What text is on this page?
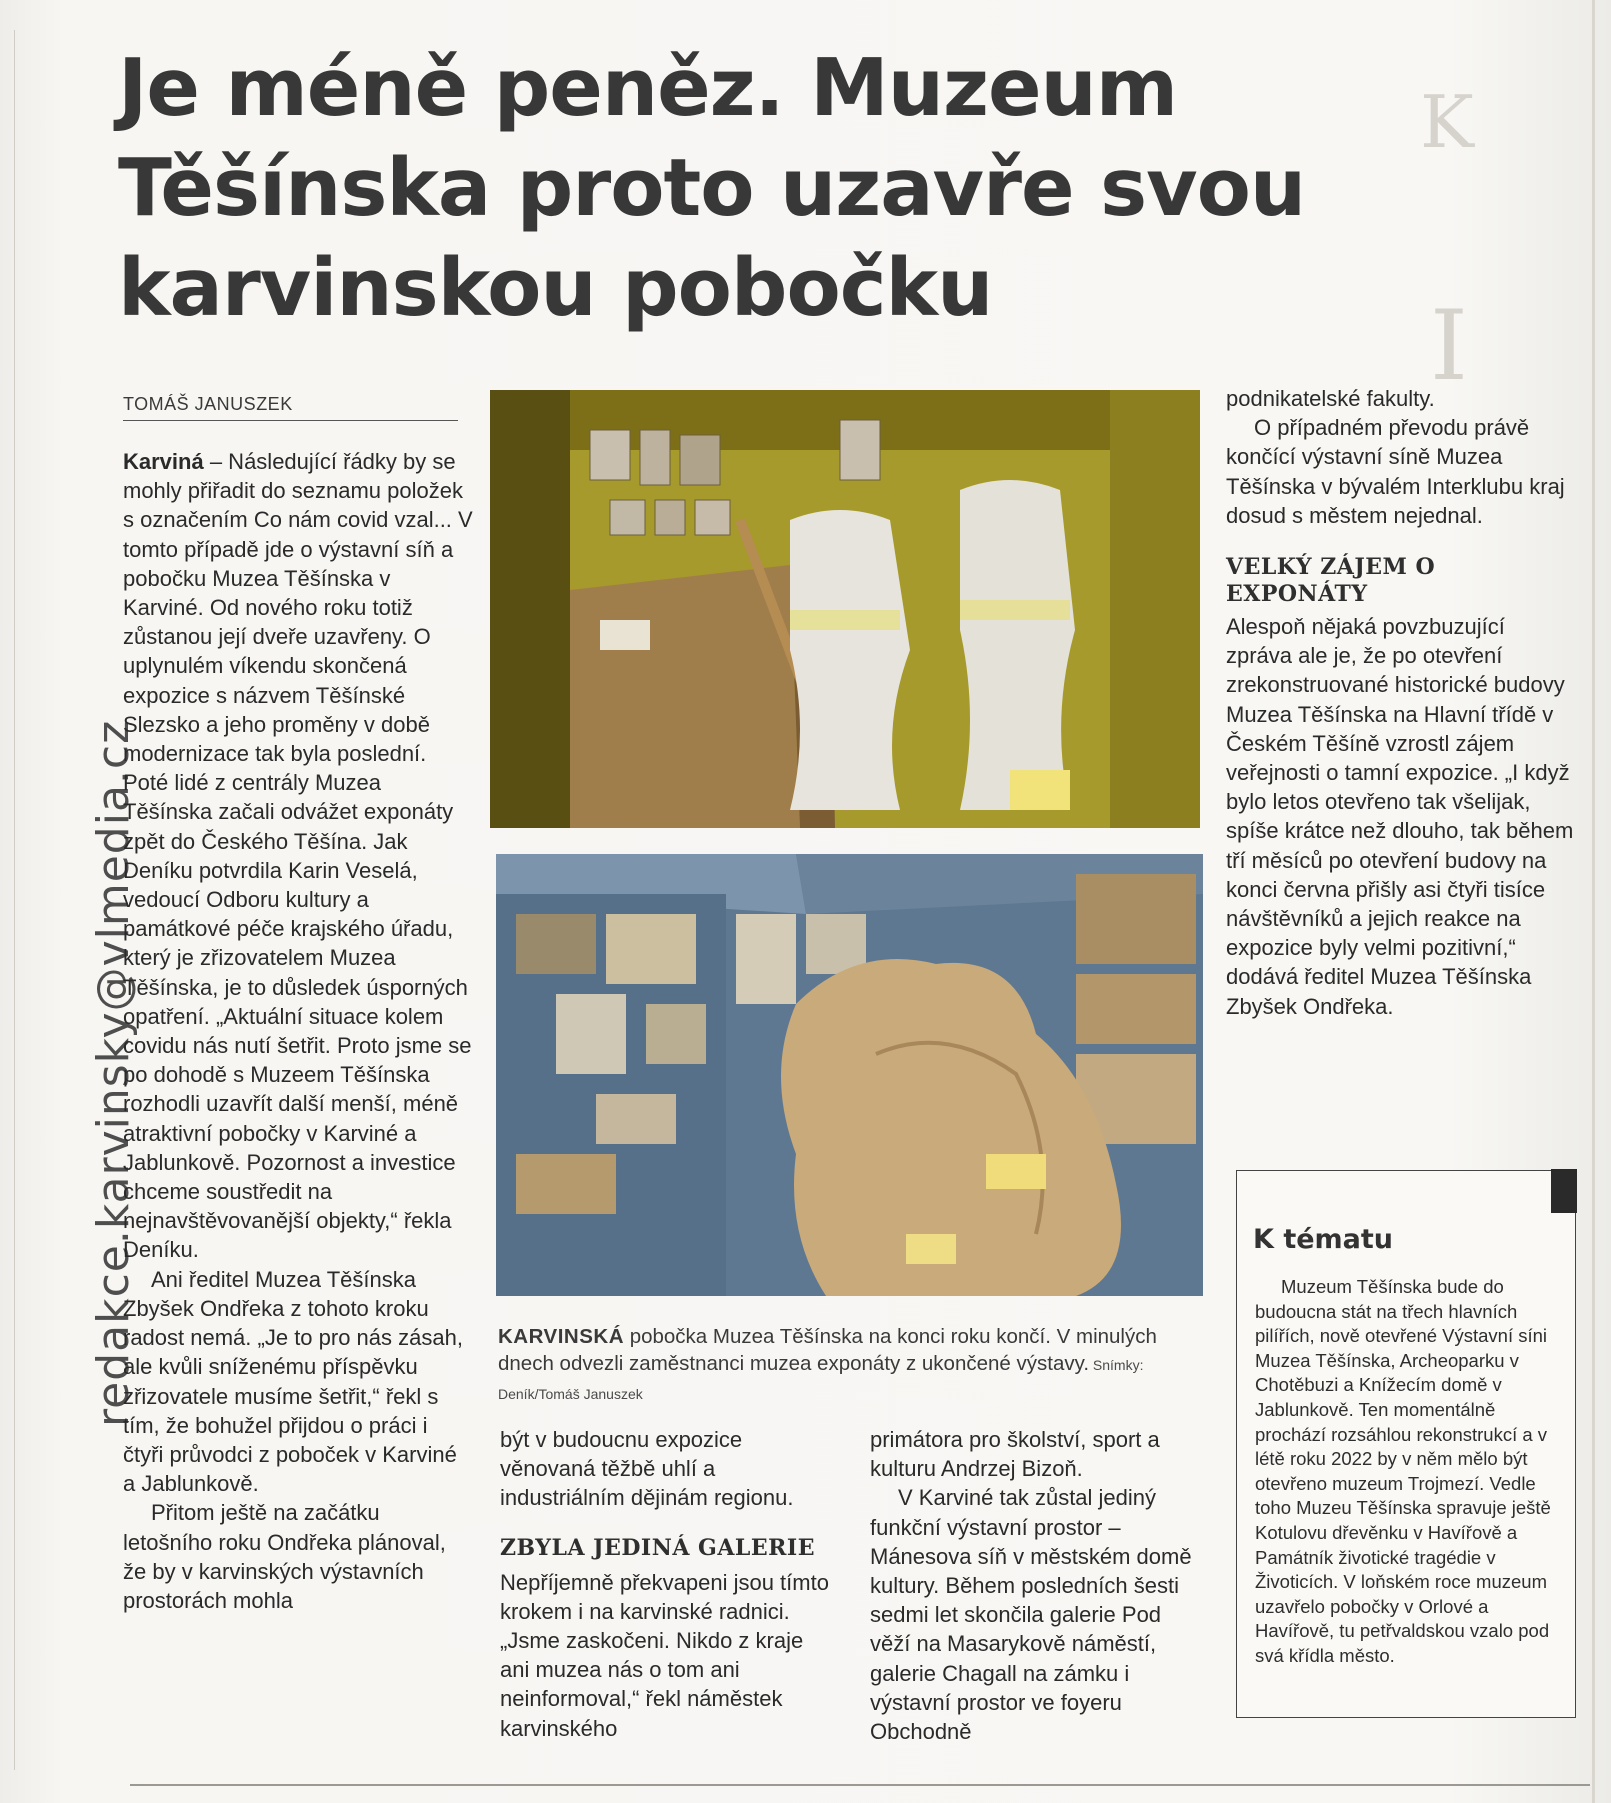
K
I
Je méně peněz. Muzeum Těšínska proto uzavře svou karvinskou pobočku
redakce.karvinsky@vlmedia.cz
TOMÁŠ JANUSZEK

Karviná – Následující řádky by se mohly přiřadit do seznamu položek s označením Co nám covid vzal... V tomto případě jde o výstavní síň a pobočku Muzea Těšínska v Karviné. Od nového roku totiž zůstanou její dveře uzavřeny. O uplynulém víkendu skončená expozice s názvem Těšínské Slezsko a jeho proměny v době modernizace tak byla poslední. Poté lidé z centrály Muzea Těšínska začali odvážet exponáty zpět do Českého Těšína. Jak Deníku potvrdila Karin Veselá, vedoucí Odboru kultury a památkové péče krajského úřadu, který je zřizovatelem Muzea Těšínska, je to důsledek úsporných opatření. „Aktuální situace kolem covidu nás nutí šetřit. Proto jsme se po dohodě s Muzeem Těšínska rozhodli uzavřít další menší, méně atraktivní pobočky v Karviné a Jablunkově. Pozornost a investice chceme soustředit na nejnavštěvovanější objekty,“ řekla Deníku.

Ani ředitel Muzea Těšínska Zbyšek Ondřeka z tohoto kroku radost nemá. „Je to pro nás zásah, ale kvůli sníženému příspěvku zřizovatele musíme šetřit,“ řekl s tím, že bohužel přijdou o práci i čtyři průvodci z poboček v Karviné a Jablunkově.

Přitom ještě na začátku letošního roku Ondřeka plánoval, že by v karvinských výstavních prostorách mohla

KARVINSKÁ pobočka Muzea Těšínska na konci roku končí. V minulých dnech odvezli zaměstnanci muzea exponáty z ukončené výstavy. Snímky: Deník/Tomáš Januszek

být v budoucnu expozice věnovaná těžbě uhlí a industriálním dějinám regionu.

ZBYLA JEDINÁ GALERIE

Nepříjemně překvapeni jsou tímto krokem i na karvinské radnici. „Jsme zaskočeni. Nikdo z kraje ani muzea nás o tom ani neinformoval,“ řekl náměstek karvinského

primátora pro školství, sport a kulturu Andrzej Bizoň.

V Karviné tak zůstal jediný funkční výstavní prostor – Mánesova síň v městském domě kultury. Během posledních šesti sedmi let skončila galerie Pod věží na Masarykově náměstí, galerie Chagall na zámku i výstavní prostor ve foyeru Obchodně

podnikatelské fakulty.

O případném převodu právě končící výstavní síně Muzea Těšínska v bývalém Interklubu kraj dosud s městem nejednal.

VELKÝ ZÁJEM O EXPONÁTY

Alespoň nějaká povzbuzující zpráva ale je, že po otevření zrekonstruované historické budovy Muzea Těšínska na Hlavní třídě v Českém Těšíně vzrostl zájem veřejnosti o tamní expozice. „I když bylo letos otevřeno tak všelijak, spíše krátce než dlouho, tak během tří měsíců po otevření budovy na konci června přišly asi čtyři tisíce návštěvníků a jejich reakce na expozice byly velmi pozitivní,“ dodává ředitel Muzea Těšínska Zbyšek Ondřeka.

K tématu
Muzeum Těšínska bude do budoucna stát na třech hlavních pilířích, nově otevřené Výstavní síni Muzea Těšínska, Archeoparku v Chotěbuzi a Knížecím domě v Jablunkově. Ten momentálně prochází rozsáhlou rekonstrukcí a v létě roku 2022 by v něm mělo být otevřeno muzeum Trojmezí. Vedle toho Muzeu Těšínska spravuje ještě Kotulovu dřevěnku v Havířově a Památník životické tragédie v Životicích. V loňském roce muzeum uzavřelo pobočky v Orlové a Havířově, tu petřvaldskou vzalo pod svá křídla město.
